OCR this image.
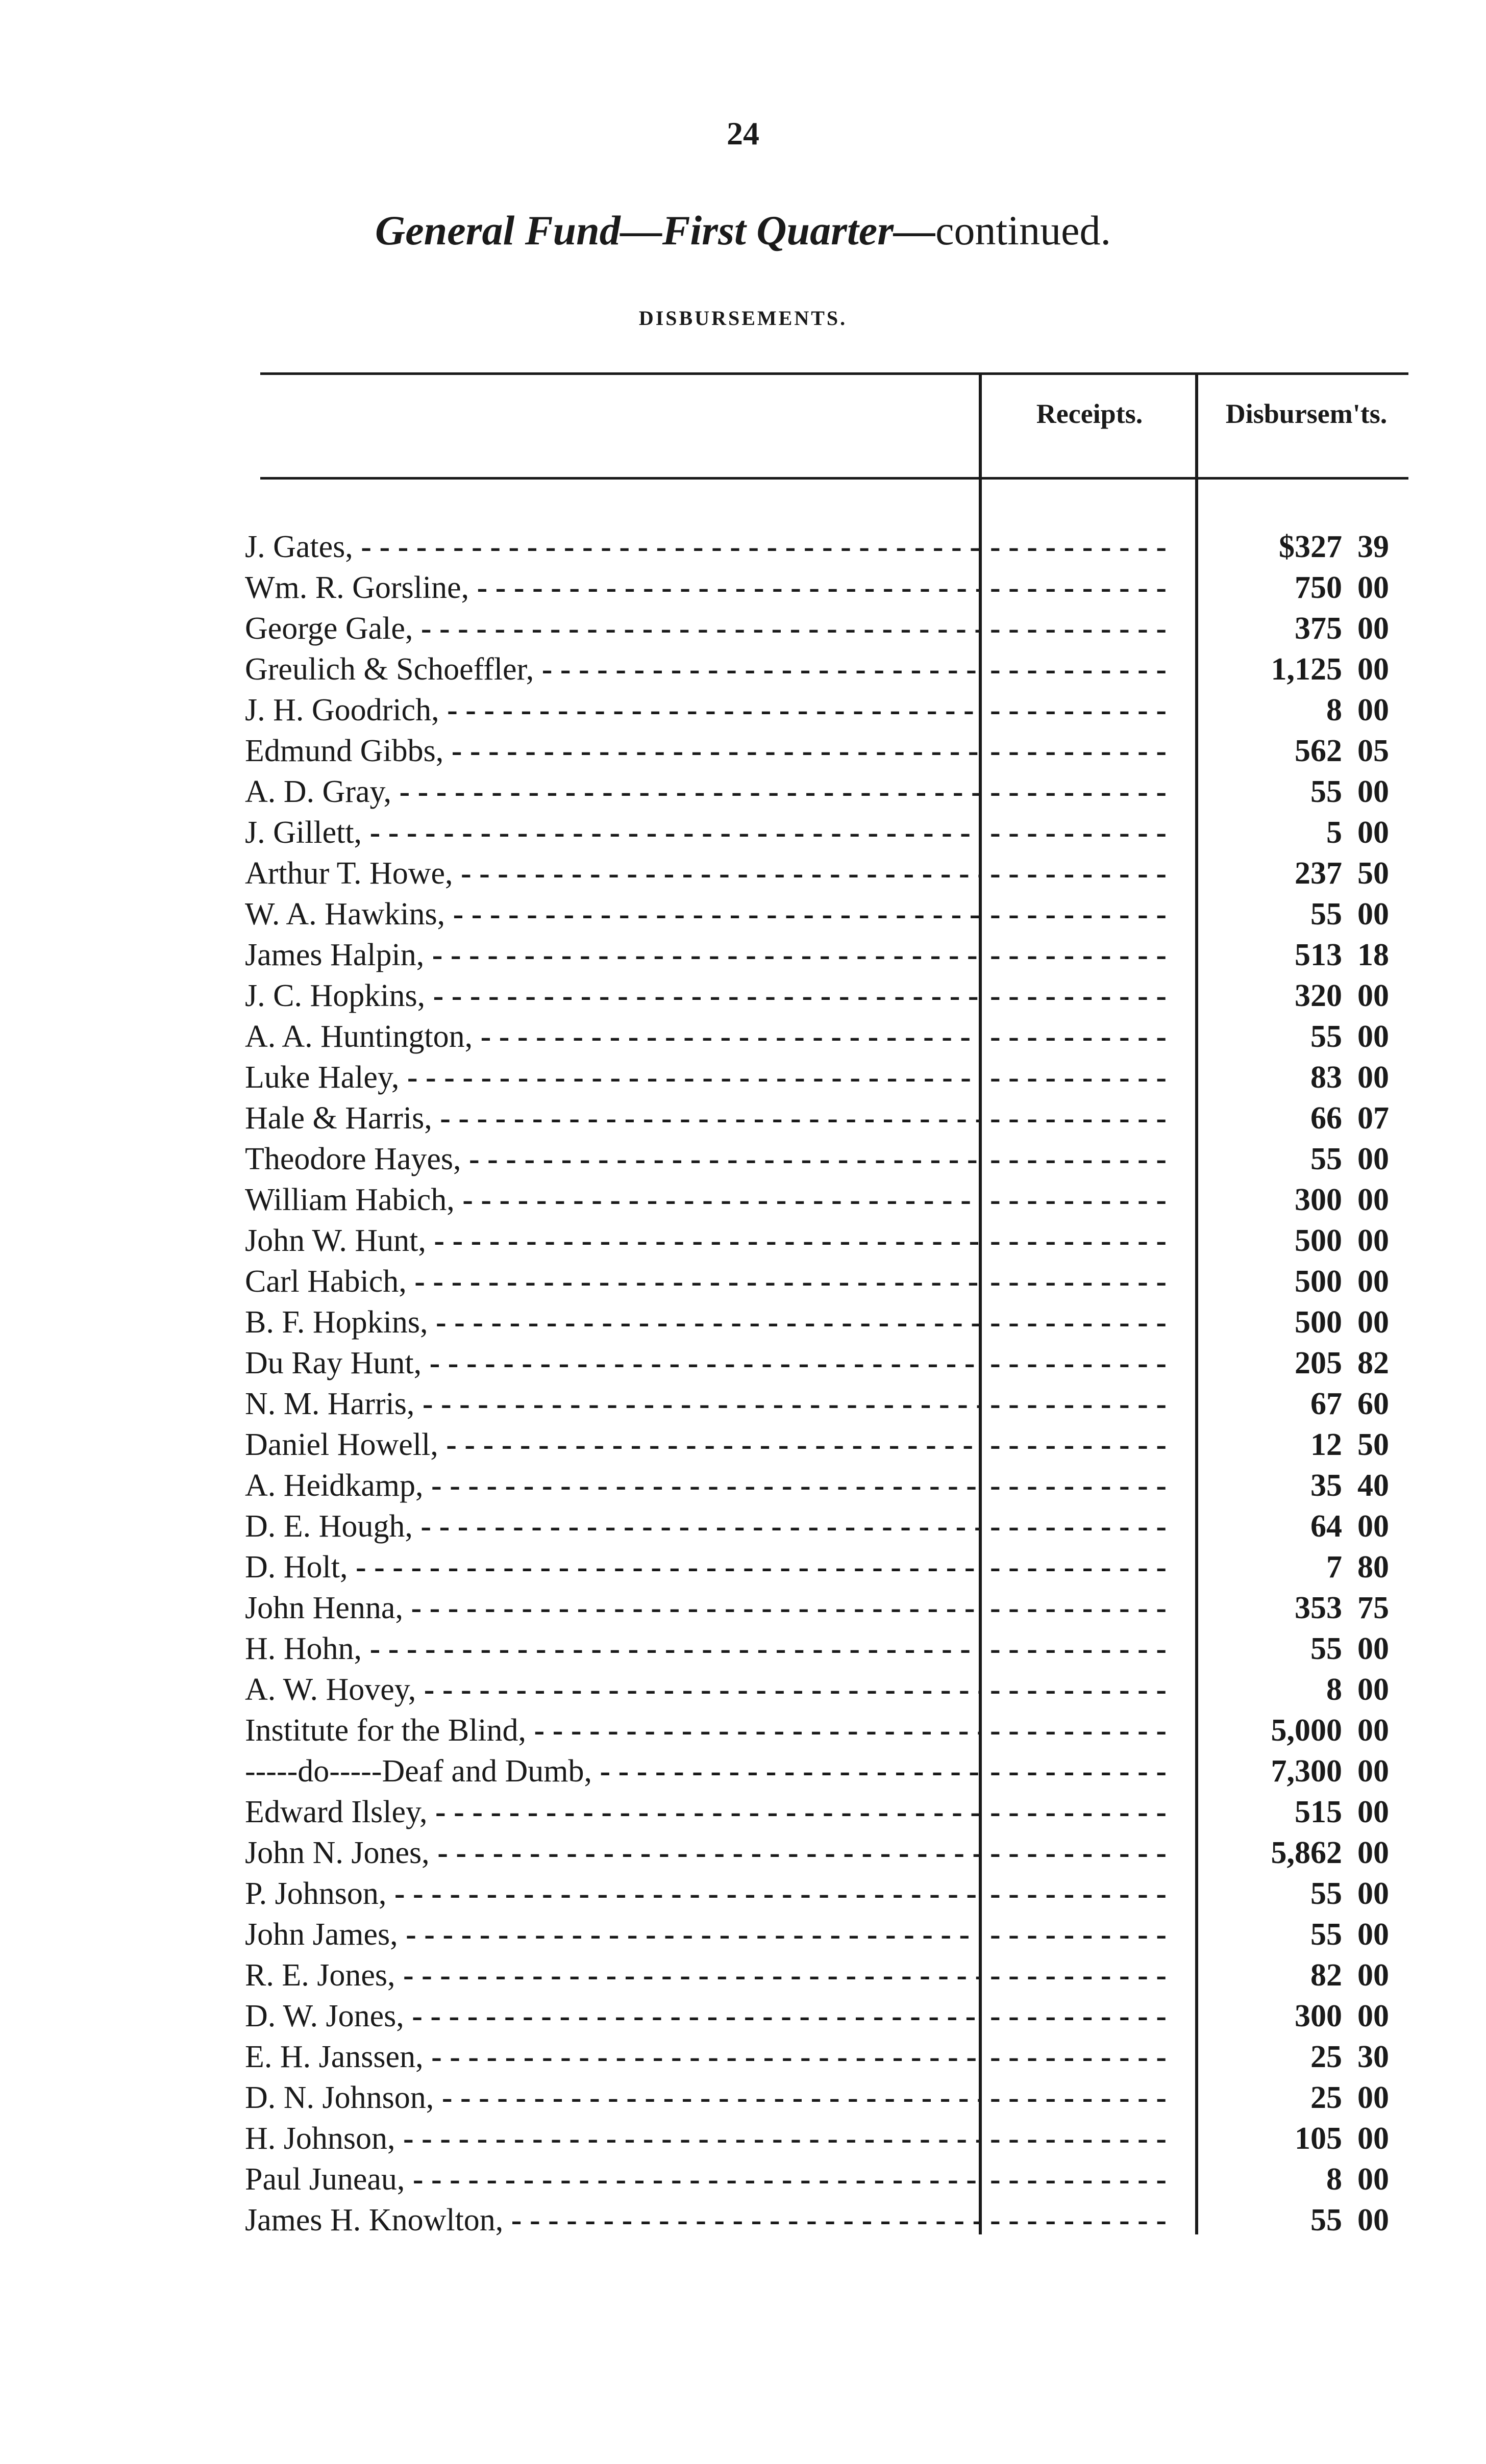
24
General Fund—First Quarter—continued.
DISBURSEMENTS.
Receipts.	Disbursem'ts.
J. Gates, - - - - - -	$327 39
Wm. R. Gorsline, - - - - - -	750 00
George Gale, - - - - - -	375 00
Greulich & Schoeffler, - - - - - -	1,125 00
J. H. Goodrich, - - - - - -	8 00
Edmund Gibbs, - - - - - -	562 05
A. D. Gray, - - - - - -	55 00
J. Gillett, - - - - - -	5 00
Arthur T. Howe, - - - - - -	237 50
W. A. Hawkins, - - - - - -	55 00
James Halpin, - - - - - -	513 18
J. C. Hopkins, - - - - - -	320 00
A. A. Huntington, - - - - - -	55 00
Luke Haley, - - - - - -	83 00
Hale & Harris, - - - - - -	66 07
Theodore Hayes, - - - - - -	55 00
William Habich, - - - - - -	300 00
John W. Hunt, - - - - - -	500 00
Carl Habich, - - - - - -	500 00
B. F. Hopkins, - - - - - -	500 00
Du Ray Hunt, - - - - - -	205 82
N. M. Harris, - - - - - -	67 60
Daniel Howell, - - - - - -	12 50
A. Heidkamp, - - - - - -	35 40
D. E. Hough, - - - - - -	64 00
D. Holt, - - - - - -	7 80
John Henna, - - - - - -	353 75
H. Hohn, - - - - - -	55 00
A. W. Hovey, - - - - - -	8 00
Institute for the Blind, - - - - - -	5,000 00
-----do-----Deaf and Dumb, - - - - - -	7,300 00
Edward Ilsley, - - - - - -	515 00
John N. Jones, - - - - - -	5,862 00
P. Johnson, - - - - - -	55 00
John James, - - - - - -	55 00
R. E. Jones, - - - - - -	82 00
D. W. Jones, - - - - - -	300 00
E. H. Janssen, - - - - - -	25 30
D. N. Johnson, - - - - - -	25 00
H. Johnson, - - - - - -	105 00
Paul Juneau, - - - - - -	8 00
James H. Knowlton, - - - - - -	55 00
